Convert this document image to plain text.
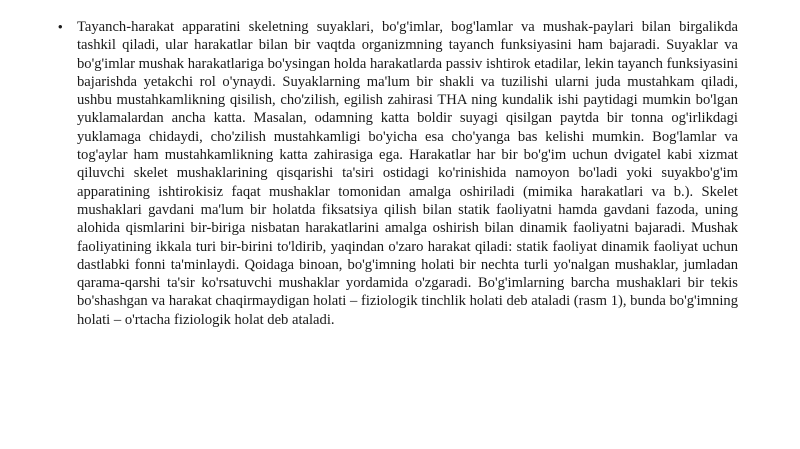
• Tayanch-harakat apparatini skeletning suyaklari, bo'g'imlar, bog'lamlar va mushak-paylari bilan birgalikda tashkil qiladi, ular harakatlar bilan bir vaqtda organizmning tayanch funksiyasini ham bajaradi. Suyaklar va bo'g'imlar mushak harakatlariga bo'ysingan holda harakatlarda passiv ishtirok etadilar, lekin tayanch funksiyasini bajarishda yetakchi rol o'ynaydi. Suyaklarning ma'lum bir shakli va tuzilishi ularni juda mustahkam qiladi, ushbu mustahkamlikning qisilish, cho'zilish, egilish zahirasi THA ning kundalik ishi paytidagi mumkin bo'lgan yuklamalardan ancha katta. Masalan, odamning katta boldir suyagi qisilgan paytda bir tonna og'irlikdagi yuklamaga chidaydi, cho'zilish mustahkamligi bo'yicha esa cho'yanga bas kelishi mumkin. Bog'lamlar va tog'aylar ham mustahkamlikning katta zahirasiga ega. Harakatlar har bir bo'g'im uchun dvigatel kabi xizmat qiluvchi skelet mushaklarining qisqarishi ta'siri ostidagi ko'rinishida namoyon bo'ladi yoki suyakbo'g'im apparatining ishtirokisiz faqat mushaklar tomonidan amalga oshiriladi (mimika harakatlari va b.). Skelet mushaklari gavdani ma'lum bir holatda fiksatsiya qilish bilan statik faoliyatni hamda gavdani fazoda, uning alohida qismlarini bir-biriga nisbatan harakatlarini amalga oshirish bilan dinamik faoliyatni bajaradi. Mushak faoliyatining ikkala turi bir-birini to'ldirib, yaqindan o'zaro harakat qiladi: statik faoliyat dinamik faoliyat uchun dastlabki fonni ta'minlaydi. Qoidaga binoan, bo'g'imning holati bir nechta turli yo'nalgan mushaklar, jumladan qarama-qarshi ta'sir ko'rsatuvchi mushaklar yordamida o'zgaradi. Bo'g'imlarning barcha mushaklari bir tekis bo'shashgan va harakat chaqirmaydigan holati – fiziologik tinchlik holati deb ataladi (rasm 1), bunda bo'g'imning holati – o'rtacha fiziologik holat deb ataladi.
